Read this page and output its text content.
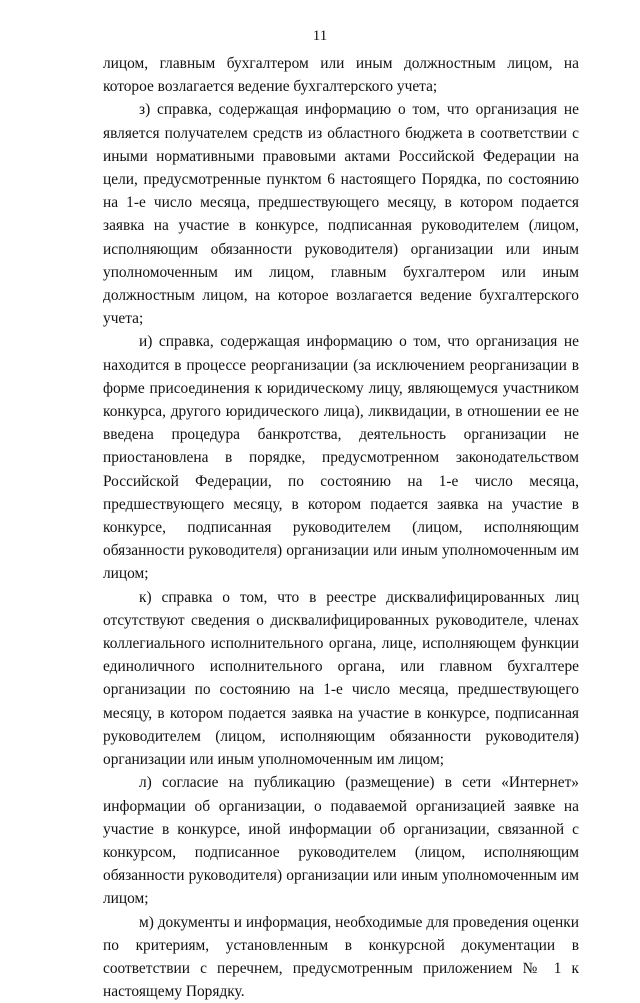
11

лицом, главным бухгалтером или иным должностным лицом, на которое возлагается ведение бухгалтерского учета;

з) справка, содержащая информацию о том, что организация не является получателем средств из областного бюджета в соответствии с иными нормативными правовыми актами Российской Федерации на цели, предусмотренные пунктом 6 настоящего Порядка, по состоянию на 1-е число месяца, предшествующего месяцу, в котором подается заявка на участие в конкурсе, подписанная руководителем (лицом, исполняющим обязанности руководителя) организации или иным уполномоченным им лицом, главным бухгалтером или иным должностным лицом, на которое возлагается ведение бухгалтерского учета;

и) справка, содержащая информацию о том, что организация не находится в процессе реорганизации (за исключением реорганизации в форме присоединения к юридическому лицу, являющемуся участником конкурса, другого юридического лица), ликвидации, в отношении ее не введена процедура банкротства, деятельность организации не приостановлена в порядке, предусмотренном законодательством Российской Федерации, по состоянию на 1-е число месяца, предшествующего месяцу, в котором подается заявка на участие в конкурсе, подписанная руководителем (лицом, исполняющим обязанности руководителя) организации или иным уполномоченным им лицом;

к) справка о том, что в реестре дисквалифицированных лиц отсутствуют сведения о дисквалифицированных руководителе, членах коллегиального исполнительного органа, лице, исполняющем функции единоличного исполнительного органа, или главном бухгалтере организации по состоянию на 1-е число месяца, предшествующего месяцу, в котором подается заявка на участие в конкурсе, подписанная руководителем (лицом, исполняющим обязанности руководителя) организации или иным уполномоченным им лицом;

л) согласие на публикацию (размещение) в сети «Интернет» информации об организации, о подаваемой организацией заявке на участие в конкурсе, иной информации об организации, связанной с конкурсом, подписанное руководителем (лицом, исполняющим обязанности руководителя) организации или иным уполномоченным им лицом;

м) документы и информация, необходимые для проведения оценки по критериям, установленным в конкурсной документации в соответствии с перечнем, предусмотренным приложением № 1 к настоящему Порядку.
